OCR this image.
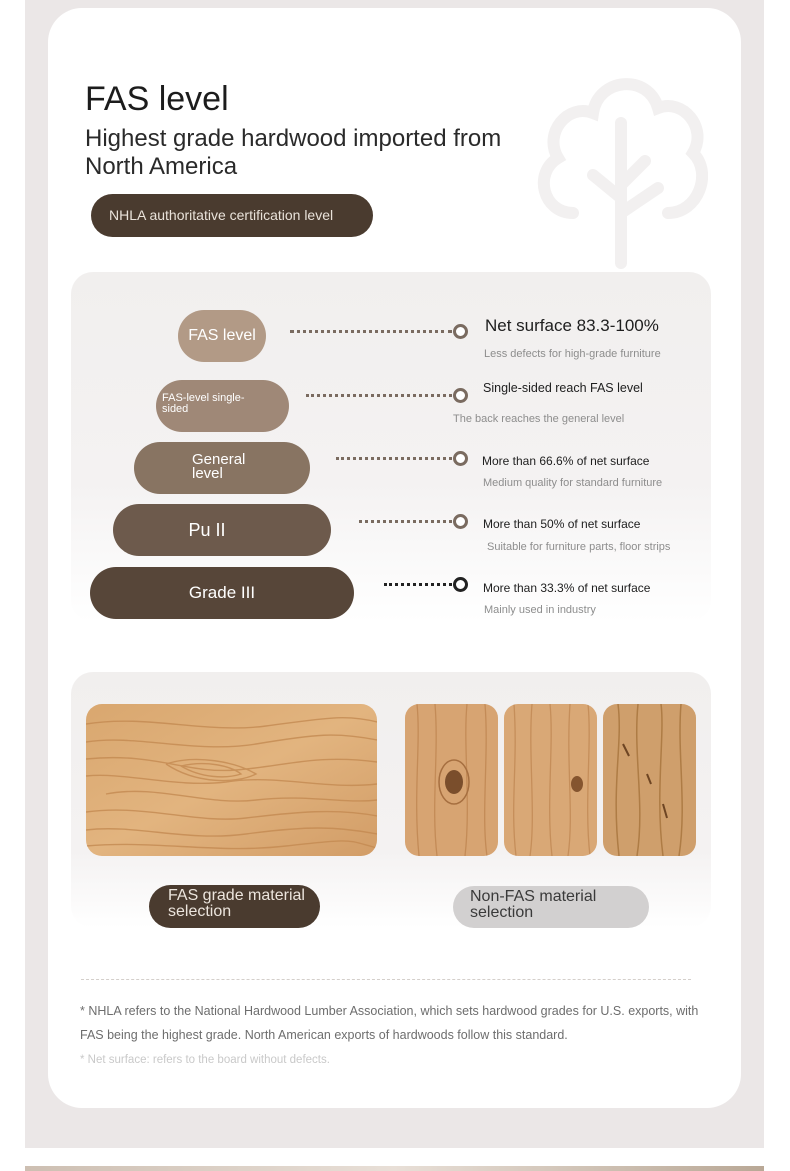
FAS level
Highest grade hardwood imported from North America
NHLA authoritative certification level
FAS level
Net surface 83.3-100%
Less defects for high-grade furniture
FAS-level single-sided
Single-sided reach FAS level
The back reaches the general level
General level
More than 66.6% of net surface
Medium quality for standard furniture
Pu II	More than 50% of net surface
Suitable for furniture parts, floor strips
Grade III	More than 33.3% of net surface
Mainly used in industry
FAS grade material selection
Non-FAS material selection

* NHLA refers to the National Hardwood Lumber Association, which sets hardwood grades for U.S. exports, with FAS being the highest grade. North American exports of hardwoods follow this standard.

* Net surface: refers to the board without defects.
